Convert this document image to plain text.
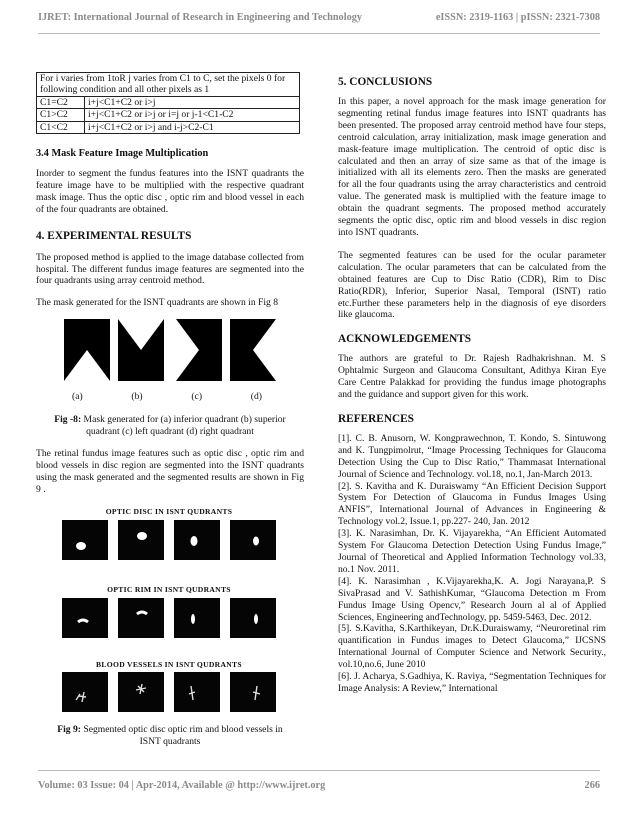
IJRET: International Journal of Research in Engineering and Technology	eISSN: 2319-1163 | pISSN: 2321-7308
For i varies from 1toR j varies from C1 to C, set the pixels 0 for following condition and all other pixels as 1	
C1=C2	i+j<C1+C2 or i>j
C1>C2	i+j<C1+C2 or i>j or i=j or j-1<C1-C2
C1<C2	i+j<C1+C2 or i>j and i-j>C2-C1
3.4 Mask Feature Image Multiplication

Inorder to segment the fundus features into the ISNT quadrants the feature image have to be multiplied with the respective quadrant mask image. Thus the optic disc , optic rim and blood vessel in each of the four quadrants are obtained.

4. EXPERIMENTAL RESULTS

The proposed method is applied to the image database collected from hospital. The different fundus image features are segmented into the four quadrants using array centroid method.

The mask generated for the ISNT quadrants are shown in Fig 8

(a)	(b)	(c)	(d)

Fig -8: Mask generated for (a) inferior quadrant (b) superior quadrant (c) left quadrant (d) right quadrant

The retinal fundus image features such as optic disc , optic rim and blood vessels in disc region are segmented into the ISNT quadrants using the mask generated and the segmented results are shown in Fig 9 .

OPTIC DISC IN ISNT QUDRANTS
OPTIC RIM IN ISNT QUDRANTS
BLOOD VESSELS IN ISNT QUDRANTS

Fig 9: Segmented optic disc optic rim and blood vessels in ISNT quadrants

5. CONCLUSIONS

In this paper, a novel approach for the mask image generation for segmenting retinal fundus image features into ISNT quadrants has been presented. The proposed array centroid method have four steps, centroid calculation, array initialization, mask image generation and mask-feature image multiplication. The centroid of optic disc is calculated and then an array of size same as that of the image is initialized with all its elements zero. Then the masks are generated for all the four quadrants using the array characteristics and centroid value. The generated mask is multiplied with the feature image to obtain the quadrant segments. The proposed method accurately segments the optic disc, optic rim and blood vessels in disc region into ISNT quadrants.

The segmented features can be used for the ocular parameter calculation. The ocular parameters that can be calculated from the obtained features are Cup to Disc Ratio (CDR), Rim to Disc Ratio(RDR), Inferior, Superior Nasal, Temporal (ISNT) ratio etc.Further these parameters help in the diagnosis of eye disorders like glaucoma.

ACKNOWLEDGEMENTS

The authors are grateful to Dr. Rajesh Radhakrishnan. M. S Ophtalmic Surgeon and Glaucoma Consultant, Adithya Kiran Eye Care Centre Palakkad for providing the fundus image photographs and the guidance and support given for this work.

REFERENCES

[1]. C. B. Anusorn, W. Kongprawechnon, T. Kondo, S. Sintuwong and K. Tungpimolrut, “Image Processing Techniques for Glaucoma Detection Using the Cup to Disc Ratio,” Thammasat International Journal of Science and Technology. vol.18, no.1, Jan-March 2013.

[2]. S. Kavitha and K. Duraiswamy “An Efficient Decision Support System For Detection of Glaucoma in Fundus Images Using ANFIS”, International Journal of Advances in Engineering & Technology vol.2, Issue.1, pp.227- 240, Jan. 2012

[3]. K. Narasimhan, Dr. K. Vijayarekha, “An Efficient Automated System For Glaucoma Detection Detection Using Fundus Image,” Journal of Theoretical and Applied Information Technology vol.33, no.1 Nov. 2011.

[4]. K. Narasimhan , K.Vijayarekha,K. A. Jogi Narayana,P. S SivaPrasad and V. SathishKumar, “Glaucoma Detection m From Fundus Image Using Opencv,” Research Journ al al of Applied Sciences, Engineering andTechnology, pp. 5459-5463, Dec. 2012.

[5]. S.Kavitha, S.Karthikeyan, Dr.K.Duraiswamy, “Neuroretinal rim quantification in Fundus images to Detect Glaucoma,” IJCSNS International Journal of Computer Science and Network Security., vol.10,no.6, June 2010

[6]. J. Acharya, S.Gadhiya, K. Raviya, “Segmentation Techniques for Image Analysis: A Review,” International

Volume: 03 Issue: 04 | Apr-2014, Available @ http://www.ijret.org	266
